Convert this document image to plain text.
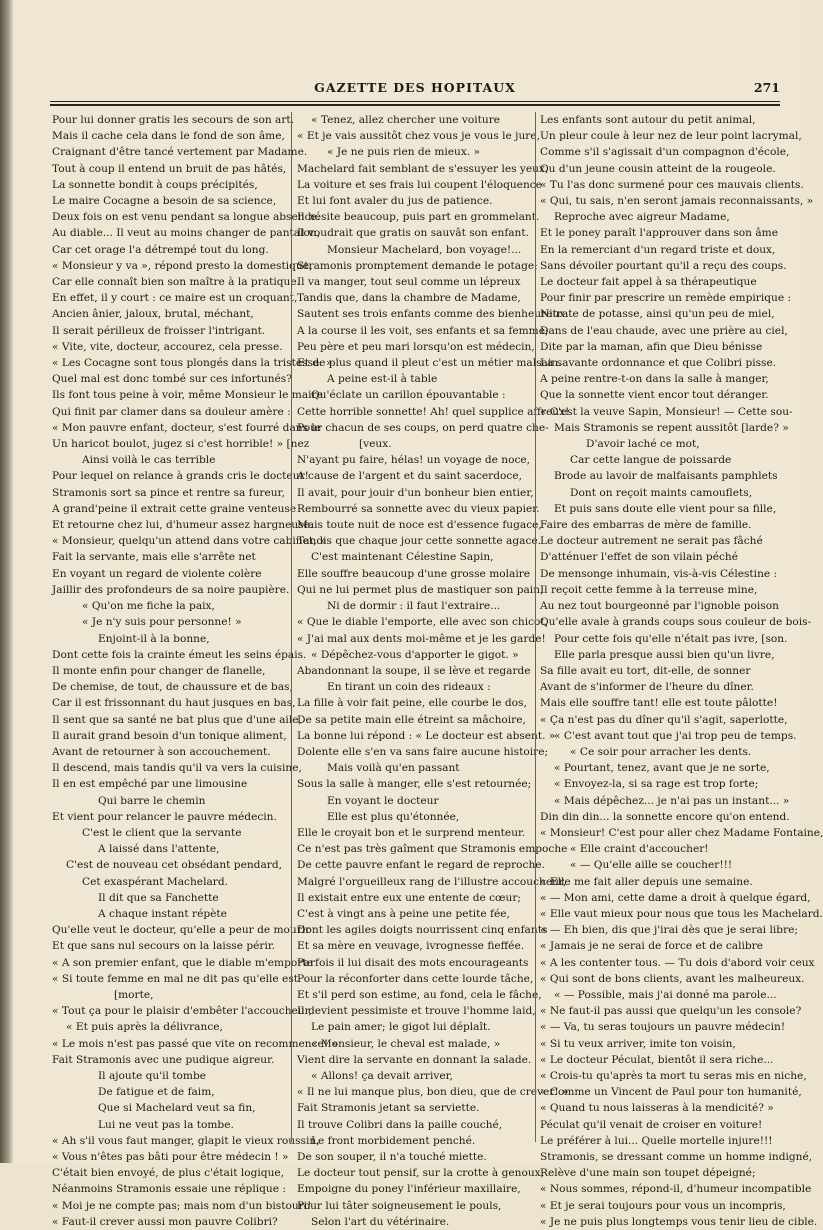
GAZETTE DES HOPITAUX	271
Pour lui donner gratis les secours de son art.
Mais il cache cela dans le fond de son âme,
Craignant d'être tancé vertement par Madame.
Tout à coup il entend un bruit de pas hâtés,
La sonnette bondit à coups précipités,
Le maire Cocagne a besoin de sa science,
Deux fois on est venu pendant sa longue absence.
Au diable... Il veut au moins changer de pantalon,
Car cet orage l'a détrempé tout du long.
« Monsieur y va », répond presto la domestique,
Car elle connaît bien son maître à la pratique.
En effet, il y court : ce maire est un croquant,
Ancien ânier, jaloux, brutal, méchant,
Il serait périlleux de froisser l'intrigant.
« Vite, vite, docteur, accourez, cela presse.
« Les Cocagne sont tous plongés dans la tristesse. »
Quel mal est donc tombé sur ces infortunés?
Ils font tous peine à voir, même Monsieur le maire
Qui finit par clamer dans sa douleur amère :
« Mon pauvre enfant, docteur, s'est fourré dans le
Un haricot boulot, jugez si c'est horrible! » [nez
Ainsi voilà le cas terrible
Pour lequel on relance à grands cris le docteur!
Stramonis sort sa pince et rentre sa fureur,
A grand'peine il extrait cette graine venteuse
Et retourne chez lui, d'humeur assez hargneuse.
« Monsieur, quelqu'un attend dans votre cabinet, »
Fait la servante, mais elle s'arrête net
En voyant un regard de violente colère
Jaillir des profondeurs de sa noire paupière.
« Qu'on me fiche la paix,
« Je n'y suis pour personne! »
Enjoint-il à la bonne,
Dont cette fois la crainte émeut les seins épais.
Il monte enfin pour changer de flanelle,
De chemise, de tout, de chaussure et de bas,
Car il est frissonnant du haut jusques en bas,
Il sent que sa santé ne bat plus que d'une aile,
Il aurait grand besoin d'un tonique aliment,
Avant de retourner à son accouchement.
Il descend, mais tandis qu'il va vers la cuisine,
Il en est empêché par une limousine
Qui barre le chemin
Et vient pour relancer le pauvre médecin.
C'est le client que la servante
A laissé dans l'attente,
C'est de nouveau cet obsédant pendard,
Cet exaspérant Machelard.
Il dit que sa Fanchette
A chaque instant répète
Qu'elle veut le docteur, qu'elle a peur de mourir
Et que sans nul secours on la laisse périr.
« A son premier enfant, que le diable m'emporte
« Si toute femme en mal ne dit pas qu'elle est
[morte,
« Tout ça pour le plaisir d'embêter l'accoucheur,
« Et puis après la délivrance,
« Le mois n'est pas passé que vite on recommence! »
Fait Stramonis avec une pudique aigreur.
Il ajoute qu'il tombe
De fatigue et de faim,
Que si Machelard veut sa fin,
Lui ne veut pas la tombe.
« Ah s'il vous faut manger, glapit le vieux roussin,
« Vous n'êtes pas bâti pour être médecin ! »
C'était bien envoyé, de plus c'était logique,
Néanmoins Stramonis essaie une réplique :
« Moi je ne compte pas; mais nom d'un bistouri!
« Faut-il crever aussi mon pauvre Colibri?
« Tenez, allez chercher une voiture
« Et je vais aussitôt chez vous je vous le jure,
« Je ne puis rien de mieux. »
Machelard fait semblant de s'essuyer les yeux,
La voiture et ses frais lui coupent l'éloquence
Et lui font avaler du jus de patience.
Il hésite beaucoup, puis part en grommelant.
Il voudrait que gratis on sauvât son enfant.
Monsieur Machelard, bon voyage!...
Stramonis promptement demande le potage;
Il va manger, tout seul comme un lépreux
Tandis que, dans la chambre de Madame,
Sautent ses trois enfants comme des bienheureux.
A la course il les voit, ses enfants et sa femme;
Peu père et peu mari lorsqu'on est médecin,
Et de plus quand il pleut c'est un métier malsain.
A peine est-il à table
Qu'éclate un carillon épouvantable :
Cette horrible sonnette! Ah! quel supplice affreux!
Pour chacun de ses coups, on perd quatre che-
[veux.
N'ayant pu faire, hélas! un voyage de noce,
A cause de l'argent et du saint sacerdoce,
Il avait, pour jouir d'un bonheur bien entier,
Rembourré sa sonnette avec du vieux papier.
Mais toute nuit de noce est d'essence fugace,
Tandis que chaque jour cette sonnette agace.
C'est maintenant Célestine Sapin,
Elle souffre beaucoup d'une grosse molaire
Qui ne lui permet plus de mastiquer son pain,
Ni de dormir : il faut l'extraire...
« Que le diable l'emporte, elle avec son chicot,
« J'ai mal aux dents moi-même et je les garde!
« Dépêchez-vous d'apporter le gigot. »
Abandonnant la soupe, il se lève et regarde
En tirant un coin des rideaux :
La fille à voir fait peine, elle courbe le dos,
De sa petite main elle étreint sa mâchoire,
La bonne lui répond : « Le docteur est absent. »
Dolente elle s'en va sans faire aucune histoire;
Mais voilà qu'en passant
Sous la salle à manger, elle s'est retournée;
En voyant le docteur
Elle est plus qu'étonnée,
Elle le croyait bon et le surprend menteur.
Ce n'est pas très gaîment que Stramonis empoche
De cette pauvre enfant le regard de reproche.
Malgré l'orgueilleux rang de l'illustre accoucheur,
Il existait entre eux une entente de cœur;
C'est à vingt ans à peine une petite fée,
Dont les agiles doigts nourrissent cinq enfants
Et sa mère en veuvage, ivrognesse fieffée.
Parfois il lui disait des mots encourageants
Pour la réconforter dans cette lourde tâche,
Et s'il perd son estime, au fond, cela le fâche,
Il devient pessimiste et trouve l'homme laid,
Le pain amer; le gigot lui déplaît.
« Monsieur, le cheval est malade, »
Vient dire la servante en donnant la salade.
« Allons! ça devait arriver,
« Il ne lui manque plus, bon dieu, que de crever! »
Fait Stramonis jetant sa serviette.
Il trouve Colibri dans la paille couché,
Le front morbidement penché.
De son souper, il n'a touché miette.
Le docteur tout pensif, sur la crotte à genoux,
Empoigne du poney l'inférieur maxillaire,
Pour lui tâter soigneusement le pouls,
Selon l'art du vétérinaire.
Les enfants sont autour du petit animal,
Un pleur coule à leur nez de leur point lacrymal,
Comme s'il s'agissait d'un compagnon d'école,
Ou d'un jeune cousin atteint de la rougeole.
« Tu l'as donc surmené pour ces mauvais clients.
« Qui, tu sais, n'en seront jamais reconnaissants, »
Reproche avec aigreur Madame,
Et le poney paraît l'approuver dans son âme
En la remerciant d'un regard triste et doux,
Sans dévoiler pourtant qu'il a reçu des coups.
Le docteur fait appel à sa thérapeutique
Pour finir par prescrire un remède empirique :
Nitrate de potasse, ainsi qu'un peu de miel,
Dans de l'eau chaude, avec une prière au ciel,
Dite par la maman, afin que Dieu bénisse
La savante ordonnance et que Colibri pisse.
A peine rentre-t-on dans la salle à manger,
Que la sonnette vient encor tout déranger.
« C'est la veuve Sapin, Monsieur! — Cette sou-
Mais Stramonis se repent aussitôt [larde? »
D'avoir laché ce mot,
Car cette langue de poissarde
Brode au lavoir de malfaisants pamphlets
Dont on reçoit maints camouflets,
Et puis sans doute elle vient pour sa fille,
Faire des embarras de mère de famille.
Le docteur autrement ne serait pas fâché
D'atténuer l'effet de son vilain péché
De mensonge inhumain, vis-à-vis Célestine :
Il reçoit cette femme à la terreuse mine,
Au nez tout bourgeonné par l'ignoble poison
Qu'elle avale à grands coups sous couleur de bois-
Pour cette fois qu'elle n'était pas ivre, [son.
Elle parla presque aussi bien qu'un livre,
Sa fille avait eu tort, dit-elle, de sonner
Avant de s'informer de l'heure du dîner.
Mais elle souffre tant! elle est toute pâlotte!
« Ça n'est pas du dîner qu'il s'agit, saperlotte,
« C'est avant tout que j'ai trop peu de temps.
« Ce soir pour arracher les dents.
« Pourtant, tenez, avant que je ne sorte,
« Envoyez-la, si sa rage est trop forte;
« Mais dépêchez... je n'ai pas un instant... »
Din din din... la sonnette encore qu'on entend.
« Monsieur! C'est pour aller chez Madame Fontaine,
« Elle craint d'accoucher!
« — Qu'elle aille se coucher!!!
« Elle me fait aller depuis une semaine.
« — Mon ami, cette dame a droit à quelque égard,
« Elle vaut mieux pour nous que tous les Machelard.
« — Eh bien, dis que j'irai dès que je serai libre;
« Jamais je ne serai de force et de calibre
« A les contenter tous. — Tu dois d'abord voir ceux
« Qui sont de bons clients, avant les malheureux.
« — Possible, mais j'ai donné ma parole...
« Ne faut-il pas aussi que quelqu'un les console?
« — Va, tu seras toujours un pauvre médecin!
« Si tu veux arriver, imite ton voisin,
« Le docteur Péculat, bientôt il sera riche...
« Crois-tu qu'après ta mort tu seras mis en niche,
« Comme un Vincent de Paul pour ton humanité,
« Quand tu nous laisseras à la mendicité? »
Péculat qu'il venait de croiser en voiture!
Le préférer à lui... Quelle mortelle injure!!!
Stramonis, se dressant comme un homme indigné,
Relève d'une main son toupet dépeigné;
« Nous sommes, répond-il, d'humeur incompatible
« Et je serai toujours pour vous un incompris,
« Je ne puis plus longtemps vous tenir lieu de cible.
